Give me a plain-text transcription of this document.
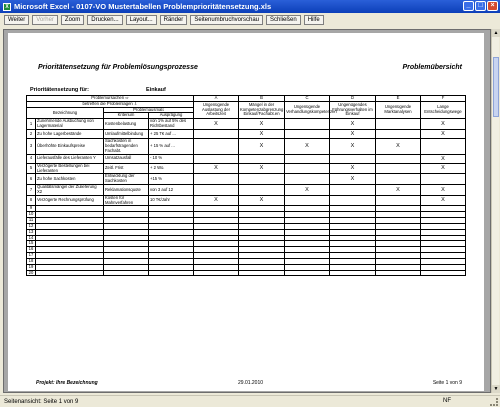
X Microsoft Excel - 0107-VO Mustertabellen Problemprioritätensetzung.xls	_	□	×
Weiter	Vorher	Zoom	Drucken...	Layout...	Ränder	Seitenumbruchvorschau	Schließen	Hilfe
Prioritätensetzung für Problemlösungsprozesse	Problemübersicht
Prioritätensetzung für:	Einkauf
Problemursachen ⇨				A	B	C	D	E	F
betreffen die Problemlagen ⇩				Ungenügende Auslastung der Arbeitszeit	Mängel in der Kompetenzabgrenzung Einkauf/Fachabt.en	Ungenügende Verhandlungskompetenzen	Ungenügendes Führungsverhalten im Einkauf	Ungenügende Marktanalysen	Lange Entscheidungswege
Bezeichnung		Problemausmaß							
		Kriterium	Ausprägung						
1	Zunehmende Ausbuchung von Lagermaterial	Kostenbelastung	von 1% auf 5% des Richtbestand	X	X		X		X
2	Zu hohe Lagerbestände	Umlaufmittelbindung	+ 25 T€ auf ...		X		X		X
3	Überhöhte Einkaufspreise	Sachkosten in bedarfstragenden Fachabt.	+ 15 % auf ...		X	X	X	X	
4	Lieferausfälle des Lieferanten Y	Umsatzausfall	- 10 %						X
5	Verzögerte Bestellungen bei Lieferanten	Zeitl. Frist	+ 2 Wo.	X	X		X		X
6	Zu hohe Sachkosten	Entwicklung der Sachkosten	+15 %				X		
7	Qualitätsmängel der Zulieferung X2	Reklamationsquote	von 3 auf 12			X		X	X
8	Verzögerte Rechnungsprüfung	Kosten für Mahnverfahren	10 T€/Jahr	X	X				X
9									
10									
11									
12									
13									
14									
15									
16									
17									
18									
19									
20									
Projekt: Ihre Bezeichnung	29.01.2010	Seite 1 von 9
▲
▼
Seitenansicht: Seite 1 von 9	NF
